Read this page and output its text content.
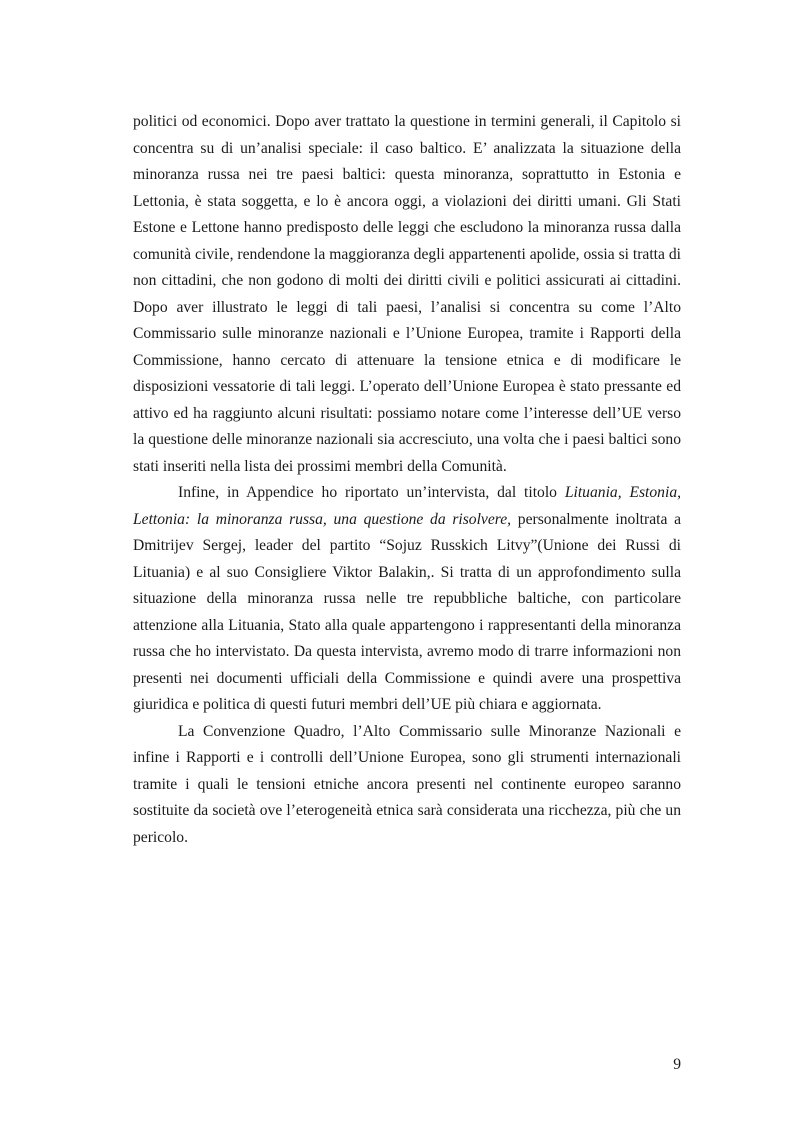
politici od economici. Dopo aver trattato la questione in termini generali, il Capitolo si concentra su di un’analisi speciale: il caso baltico. E’ analizzata la situazione della minoranza russa nei tre paesi baltici: questa minoranza, soprattutto in Estonia e Lettonia, è stata soggetta, e lo è ancora oggi, a violazioni dei diritti umani. Gli Stati Estone e Lettone hanno predisposto delle leggi che escludono la minoranza russa dalla comunità civile, rendendone la maggioranza degli appartenenti apolide, ossia si tratta di non cittadini, che non godono di molti dei diritti civili e politici assicurati ai cittadini. Dopo aver illustrato le leggi di tali paesi, l’analisi si concentra su come l’Alto Commissario sulle minoranze nazionali e l’Unione Europea, tramite i Rapporti della Commissione, hanno cercato di attenuare la tensione etnica e di modificare le disposizioni vessatorie di tali leggi. L’operato dell’Unione Europea è stato pressante ed attivo ed ha raggiunto alcuni risultati: possiamo notare come l’interesse dell’UE verso la questione delle minoranze nazionali sia accresciuto, una volta che i paesi baltici sono stati inseriti nella lista dei prossimi membri della Comunità.

Infine, in Appendice ho riportato un’intervista, dal titolo Lituania, Estonia, Lettonia: la minoranza russa, una questione da risolvere, personalmente inoltrata a Dmitrijev Sergej, leader del partito “Sojuz Russkich Litvy”(Unione dei Russi di Lituania) e al suo Consigliere Viktor Balakin,. Si tratta di un approfondimento sulla situazione della minoranza russa nelle tre repubbliche baltiche, con particolare attenzione alla Lituania, Stato alla quale appartengono i rappresentanti della minoranza russa che ho intervistato. Da questa intervista, avremo modo di trarre informazioni non presenti nei documenti ufficiali della Commissione e quindi avere una prospettiva giuridica e politica di questi futuri membri dell’UE più chiara e aggiornata.

La Convenzione Quadro, l’Alto Commissario sulle Minoranze Nazionali e infine i Rapporti e i controlli dell’Unione Europea, sono gli strumenti internazionali tramite i quali le tensioni etniche ancora presenti nel continente europeo saranno sostituite da società ove l’eterogeneità etnica sarà considerata una ricchezza, più che un pericolo.

9
